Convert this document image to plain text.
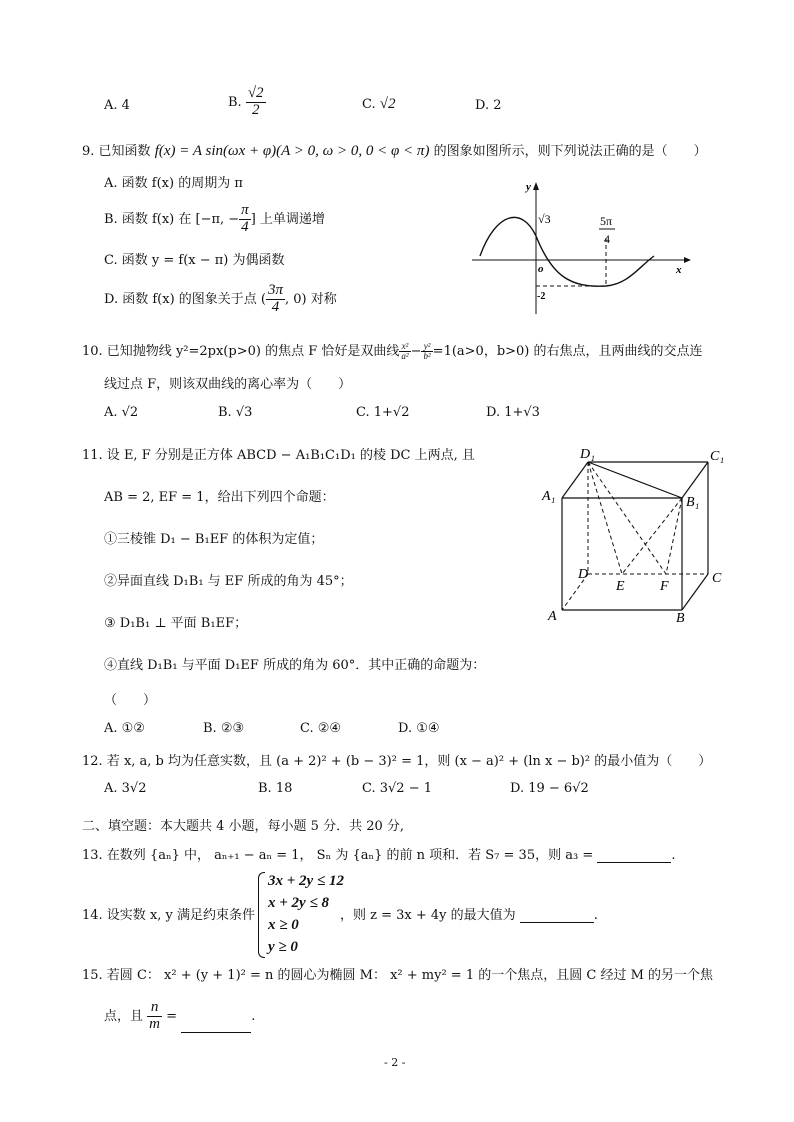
A. 4	B. $\frac{√2}{2}$	C. √2	D. 2
9. 已知函数 f(x) = A sin(ωx + φ)(A > 0, ω > 0, 0 < φ < π) 的图象如图所示，则下列说法正确的是（　　）
A. 函数 f(x) 的周期为 π
B. 函数 f(x) 在 [−π, − $\frac{\pi}{4}$ ] 上单调递增
C. 函数 y = f(x − π) 为偶函数
D. 函数 f(x) 的图象关于点 ( $\frac{3\pi}{4}$ , 0) 对称
y
x
o
√3
-2
5π
4
10. 已知抛物线 y²=2px(p>0) 的焦点 F 恰好是双曲线 $\frac{\text{x²}}{\text{a²}} - \frac{\text{y²}}{\text{b²}} =1(a>0$，b>0) 的右焦点，且两曲线的交点连
线过点 F，则该双曲线的离心率为（　　）
A. √2	B. √3	C. 1+√2	D. 1+√3
11. 设 E, F 分别是正方体 ABCD − A₁B₁C₁D₁ 的棱 DC 上两点, 且
AB = 2, EF = 1，给出下列四个命题：
①三棱锥 D₁ − B₁EF 的体积为定值；
②异面直线 D₁B₁ 与 EF 所成的角为 45°；
③ D₁B₁ ⊥ 平面 B₁EF；
④直线 D₁B₁ 与平面 D₁EF 所成的角为 60°．其中正确的命题为：
（　　）
A. ①②	B. ②③	C. ②④	D. ①④
D₁	C₁
A₁	B₁
D	C
A	B
E	F
12. 若 x, a, b 均为任意实数，且 (a + 2)² + (b − 3)² = 1，则 (x − a)² + (ln x − b)² 的最小值为（　　）
A. 3√2	B. 18	C. 3√2 − 1	D. 19 − 6√2
二、填空题：本大题共 4 小题，每小题 5 分．共 20 分,
13. 在数列 {aₙ} 中， aₙ₊₁ − aₙ = 1， Sₙ 为 {aₙ} 的前 n 项和．若 S₇ = 35，则 a₃ =	.
14. 设实数 x, y 满足约束条件
3x + 2y ≤ 12
x + 2y ≤ 8
x ≥ 0
y ≥ 0
，则 z = 3x + 4y 的最大值为	.
15. 若圆 C： x² + (y + 1)² = n 的圆心为椭圆 M： x² + my² = 1 的一个焦点，且圆 C 经过 M 的另一个焦
点，且 $\frac{n}{m}$ =	.
- 2 -
